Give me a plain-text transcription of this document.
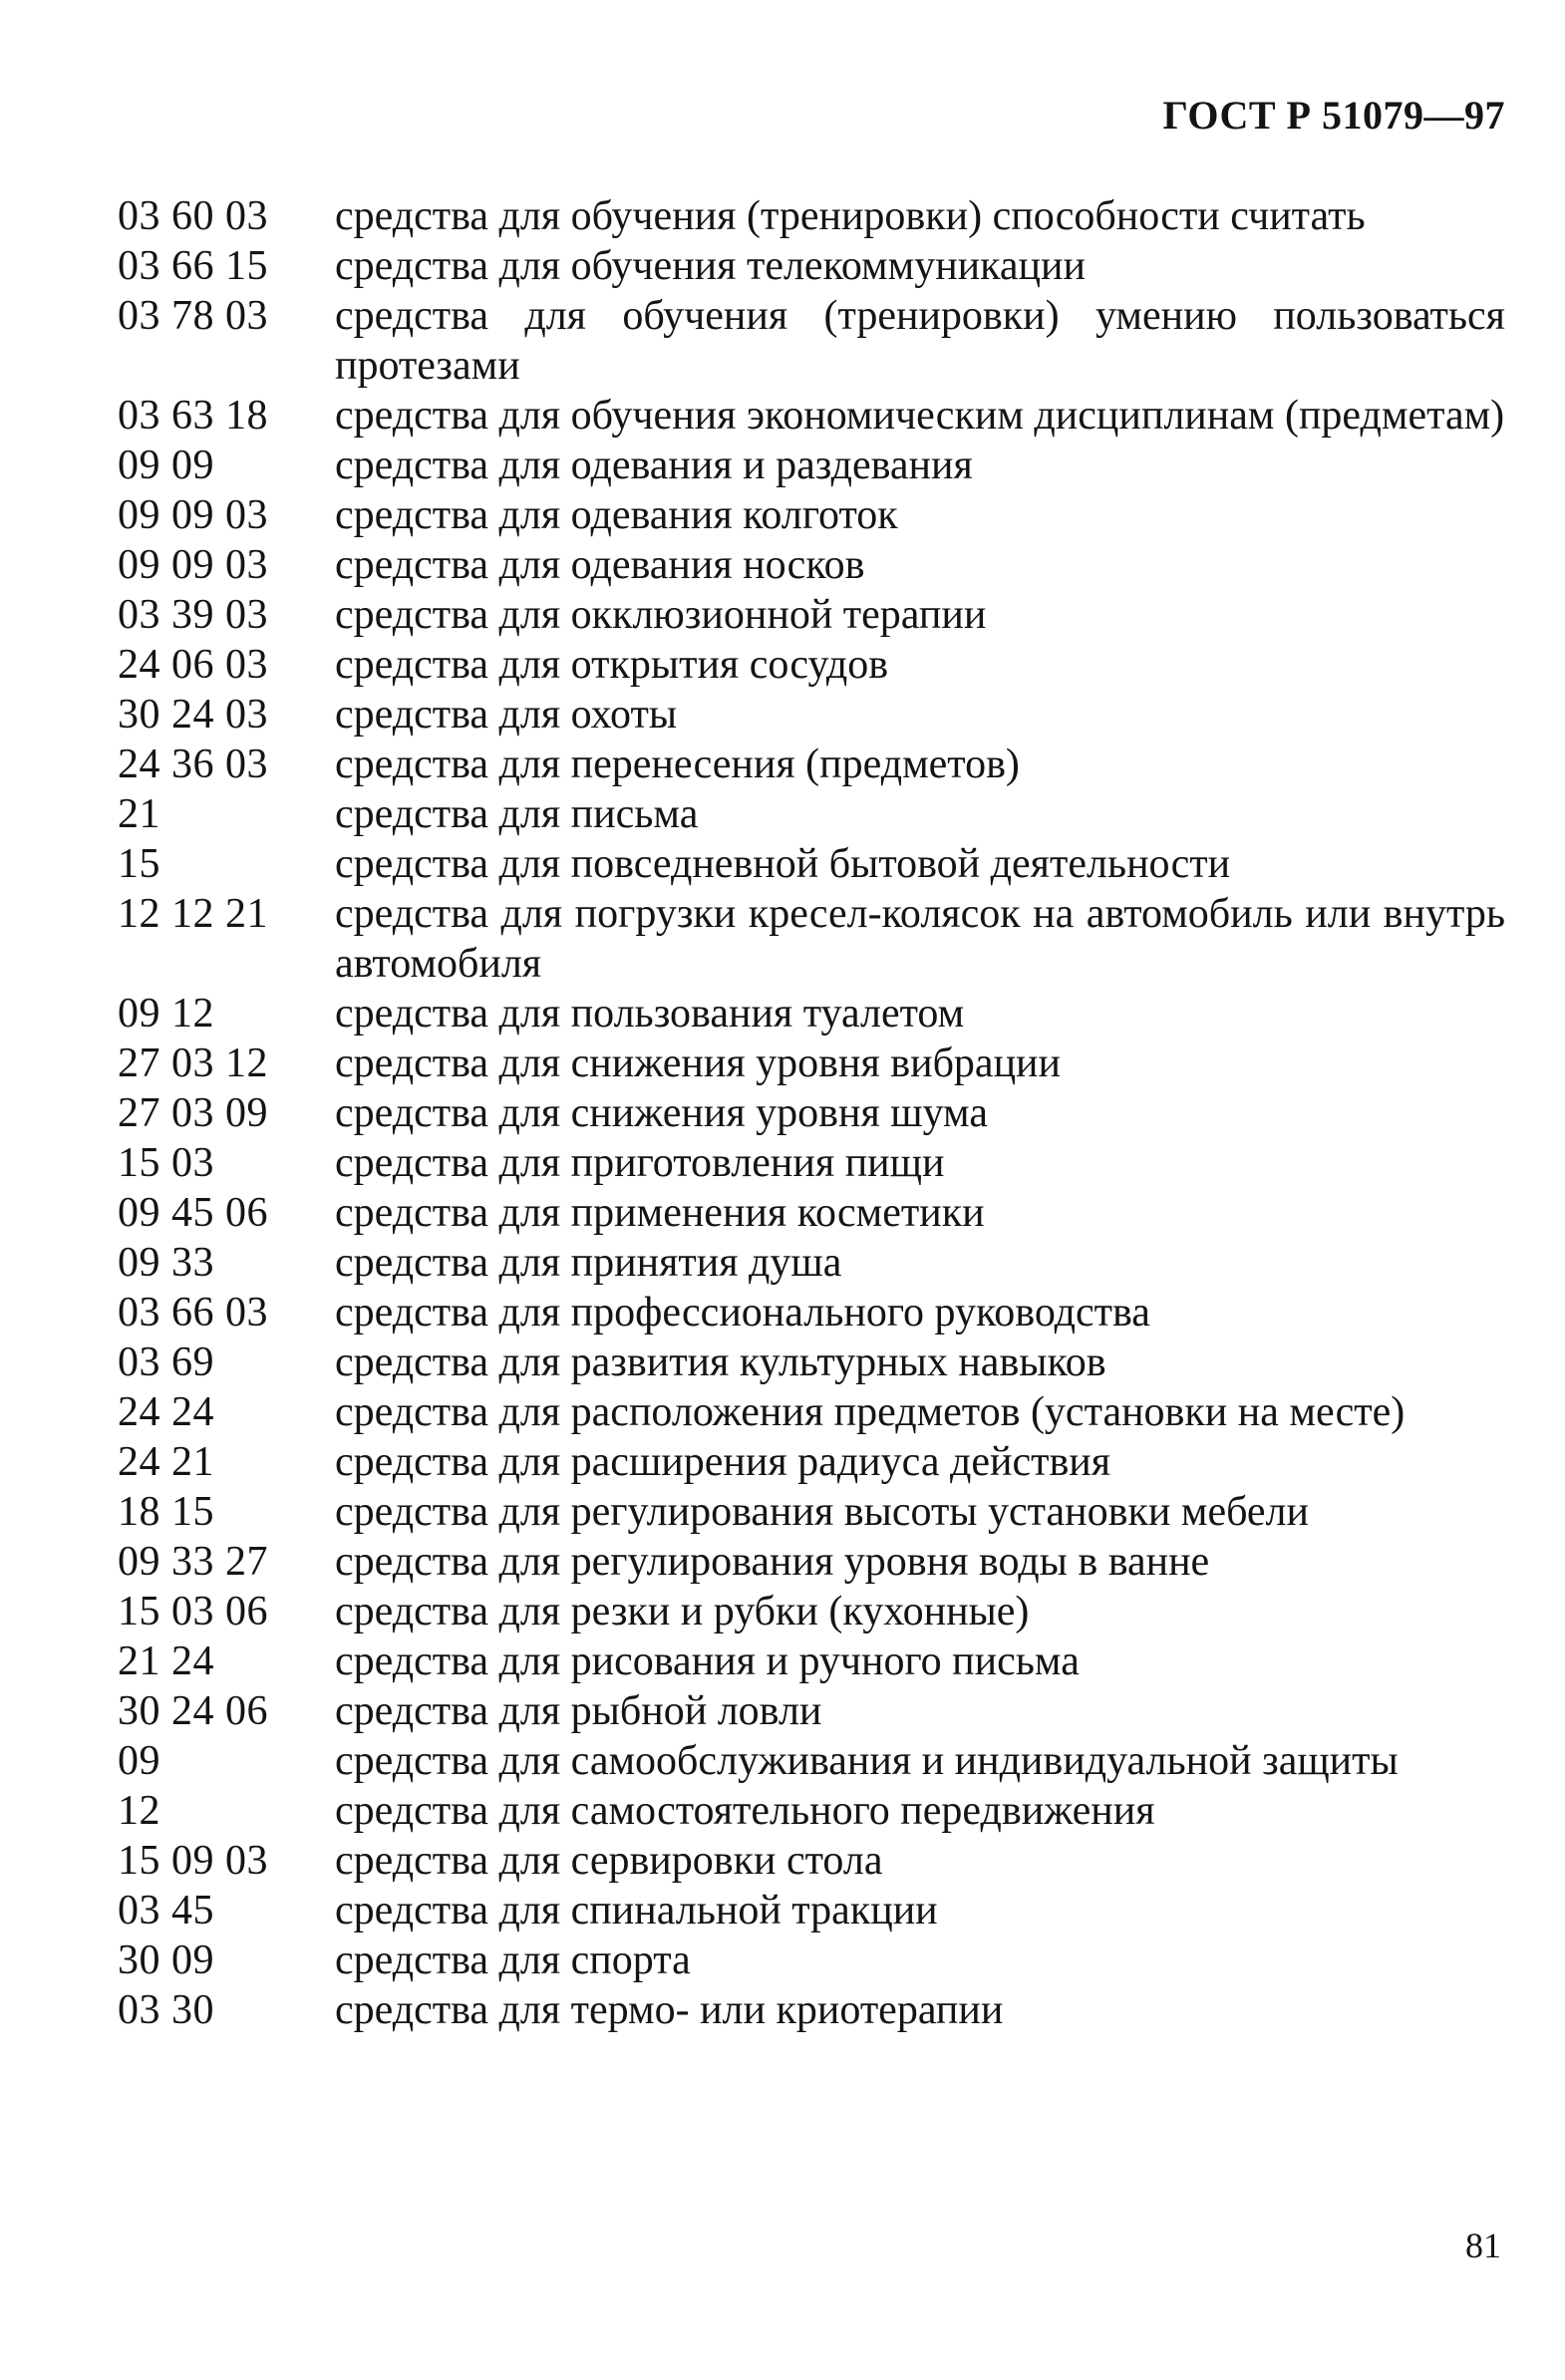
ГОСТ Р 51079—97
03 60 03	средства для обучения (тренировки) способности считать
03 66 15	средства для обучения телекоммуникации
03 78 03	средства для обучения (тренировки) умению пользоваться протезами
03 63 18	средства для обучения экономическим дисциплинам (предметам)
09 09	средства для одевания и раздевания
09 09 03	средства для одевания колготок
09 09 03	средства для одевания носков
03 39 03	средства для окклюзионной терапии
24 06 03	средства для открытия сосудов
30 24 03	средства для охоты
24 36 03	средства для перенесения (предметов)
21	средства для письма
15	средства для повседневной бытовой деятельности
12 12 21	средства для погрузки кресел-колясок на автомобиль или внутрь автомобиля
09 12	средства для пользования туалетом
27 03 12	средства для снижения уровня вибрации
27 03 09	средства для снижения уровня шума
15 03	средства для приготовления пищи
09 45 06	средства для применения косметики
09 33	средства для принятия душа
03 66 03	средства для профессионального руководства
03 69	средства для развития культурных навыков
24 24	средства для расположения предметов (установки на месте)
24 21	средства для расширения радиуса действия
18 15	средства для регулирования высоты установки мебели
09 33 27	средства для регулирования уровня воды в ванне
15 03 06	средства для резки и рубки (кухонные)
21 24	средства для рисования и ручного письма
30 24 06	средства для рыбной ловли
09	средства для самообслуживания и индивидуальной защиты
12	средства для самостоятельного передвижения
15 09 03	средства для сервировки стола
03 45	средства для спинальной тракции
30 09	средства для спорта
03 30	средства для термо- или криотерапии
81
